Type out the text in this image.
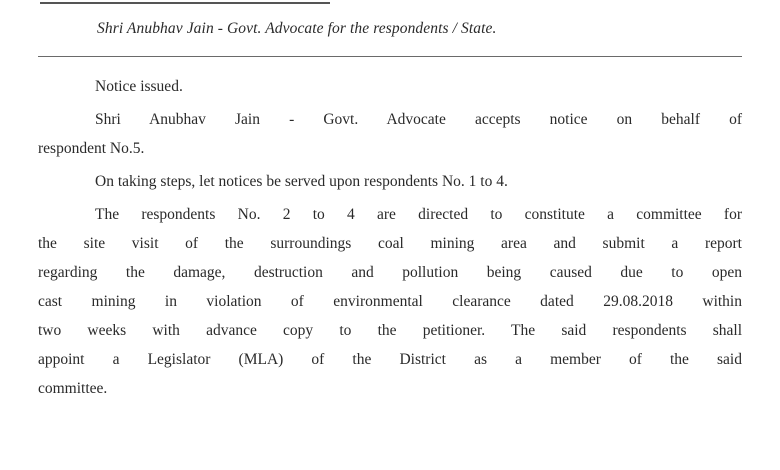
Shri Anubhav Jain - Govt. Advocate for the respondents / State.
Notice issued.
Shri Anubhav Jain - Govt. Advocate accepts notice on behalf of
respondent No.5.
On taking steps, let notices be served upon respondents No. 1 to 4.
The respondents No. 2 to 4 are directed to constitute a committee for
the site visit of the surroundings coal mining area and submit a report
regarding the damage, destruction and pollution being caused due to open
cast mining in violation of environmental clearance dated 29.08.2018 within
two weeks with advance copy to the petitioner. The said respondents shall
appoint a Legislator (MLA) of the District as a member of the said
committee.
